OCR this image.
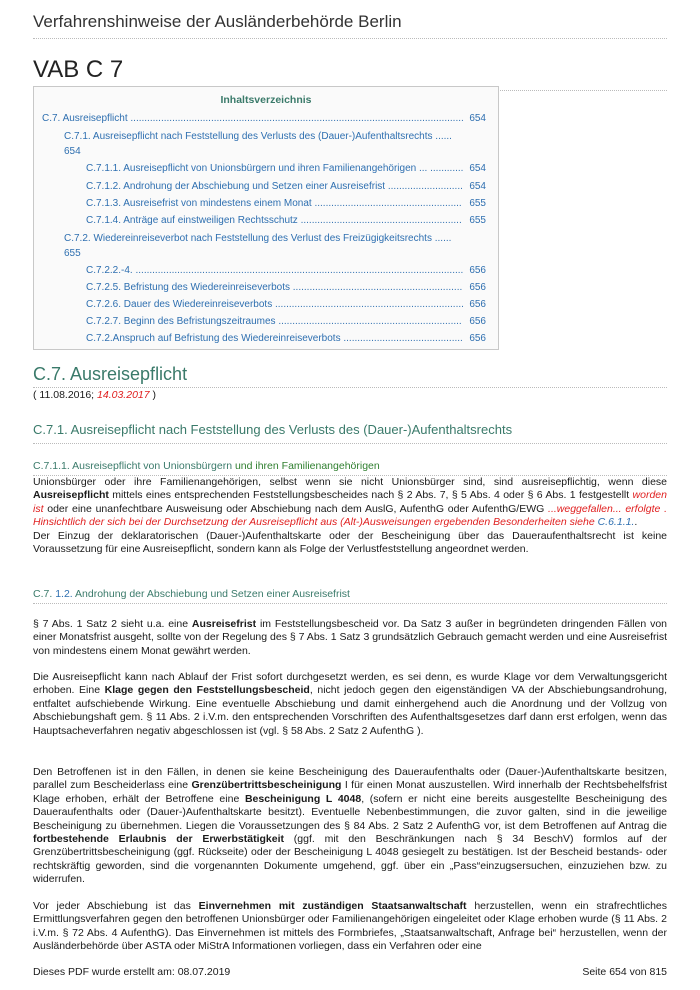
Verfahrenshinweise der Ausländerbehörde Berlin
VAB C 7
Inhaltsverzeichnis
C.7. Ausreisepflicht ........................................................................................................................ 654
C.7.1. Ausreisepflicht nach Feststellung des Verlusts des (Dauer-)Aufenthaltsrechts ......
654
C.7.1.1. Ausreisepflicht von Unionsbürgern und ihren Familienangehörigen ... ............ 654
C.7.1.2. Androhung der Abschiebung und Setzen einer Ausreisefrist ........................... 654
C.7.1.3. Ausreisefrist von mindestens einem Monat ..................................................... 655
C.7.1.4. Anträge auf einstweiligen Rechtsschutz .......................................................... 655
C.7.2. Wiedereinreiseverbot nach Feststellung des Verlust des Freizügigkeitsrechts ......
655
C.7.2.2.-4. ...................................................................................................................... 656
C.7.2.5. Befristung des Wiedereinreiseverbots ............................................................. 656
C.7.2.6. Dauer des Wiedereinreiseverbots .................................................................... 656
C.7.2.7. Beginn des Befristungszeitraumes .................................................................. 656
C.7.2.Anspruch auf Befristung des Wiedereinreiseverbots ........................................... 656
C.7. Ausreisepflicht
( 11.08.2016; 14.03.2017 )
C.7.1. Ausreisepflicht nach Feststellung des Verlusts des (Dauer-)Aufenthaltsrechts
C.7.1.1. Ausreisepflicht von Unionsbürgern und ihren Familienangehörigen
Unionsbürger oder ihre Familienangehörigen, selbst wenn sie nicht Unionsbürger sind, sind ausreisepflichtig, wenn diese Ausreisepflicht mittels eines entsprechenden Feststellungsbescheides nach § 2 Abs. 7, § 5 Abs. 4 oder § 6 Abs. 1 festgestellt worden ist oder eine unanfechtbare Ausweisung oder Abschiebung nach dem AuslG, AufenthG oder AufenthG/EWG ...weggefallen... erfolgte . Hinsichtlich der sich bei der Durchsetzung der Ausreisepflicht aus (Alt-)Ausweisungen ergebenden Besonderheiten siehe C.6.1.1..
Der Einzug der deklaratorischen (Dauer-)Aufenthaltskarte oder der Bescheinigung über das Daueraufenthaltsrecht ist keine Voraussetzung für eine Ausreisepflicht, sondern kann als Folge der Verlustfeststellung angeordnet werden.
C.7. 1.2. Androhung der Abschiebung und Setzen einer Ausreisefrist
§ 7 Abs. 1 Satz 2 sieht u.a. eine Ausreisefrist im Feststellungsbescheid vor. Da Satz 3 außer in begründeten dringenden Fällen von einer Monatsfrist ausgeht, sollte von der Regelung des § 7 Abs. 1 Satz 3 grundsätzlich Gebrauch gemacht werden und eine Ausreisefrist von mindestens einem Monat gewährt werden.
Die Ausreisepflicht kann nach Ablauf der Frist sofort durchgesetzt werden, es sei denn, es wurde Klage vor dem Verwaltungsgericht erhoben. Eine Klage gegen den Feststellungsbescheid, nicht jedoch gegen den eigenständigen VA der Abschiebungsandrohung, entfaltet aufschiebende Wirkung. Eine eventuelle Abschiebung und damit einhergehend auch die Anordnung und der Vollzug von Abschiebungshaft gem. § 11 Abs. 2 i.V.m. den entsprechenden Vorschriften des Aufenthaltsgesetzes darf dann erst erfolgen, wenn das Hauptsacheverfahren negativ abgeschlossen ist (vgl. § 58 Abs. 2 Satz 2 AufenthG ).
Den Betroffenen ist in den Fällen, in denen sie keine Bescheinigung des Daueraufenthalts oder (Dauer-)Aufenthaltskarte besitzen, parallel zum Bescheiderlass eine Grenzübertrittsbescheinigung I für einen Monat auszustellen. Wird innerhalb der Rechtsbehelfsfrist Klage erhoben, erhält der Betroffene eine Bescheinigung L 4048, (sofern er nicht eine bereits ausgestellte Bescheinigung des Daueraufenthalts oder (Dauer-)Aufenthaltskarte besitzt). Eventuelle Nebenbestimmungen, die zuvor galten, sind in die jeweilige Bescheinigung zu übernehmen. Liegen die Voraussetzungen des § 84 Abs. 2 Satz 2 AufenthG vor, ist dem Betroffenen auf Antrag die fortbestehende Erlaubnis der Erwerbstätigkeit (ggf. mit den Beschränkungen nach § 34 BeschV) formlos auf der Grenzübertrittsbescheinigung (ggf. Rückseite) oder der Bescheinigung L 4048 gesiegelt zu bestätigen. Ist der Bescheid bestands- oder rechtskräftig geworden, sind die vorgenannten Dokumente umgehend, ggf. über ein „Pass“einzugsersuchen, einzuziehen bzw. zu widerrufen.
Vor jeder Abschiebung ist das Einvernehmen mit zuständigen Staatsanwaltschaft herzustellen, wenn ein strafrechtliches Ermittlungsverfahren gegen den betroffenen Unionsbürger oder Familienangehörigen eingeleitet oder Klage erhoben wurde (§ 11 Abs. 2 i.V.m. § 72 Abs. 4 AufenthG). Das Einvernehmen ist mittels des Formbriefes, „Staatsanwaltschaft, Anfrage bei“ herzustellen, wenn der Ausländerbehörde über ASTA oder MiStrA Informationen vorliegen, dass ein Verfahren oder eine
Dieses PDF wurde erstellt am: 08.07.2019	Seite 654 von 815
